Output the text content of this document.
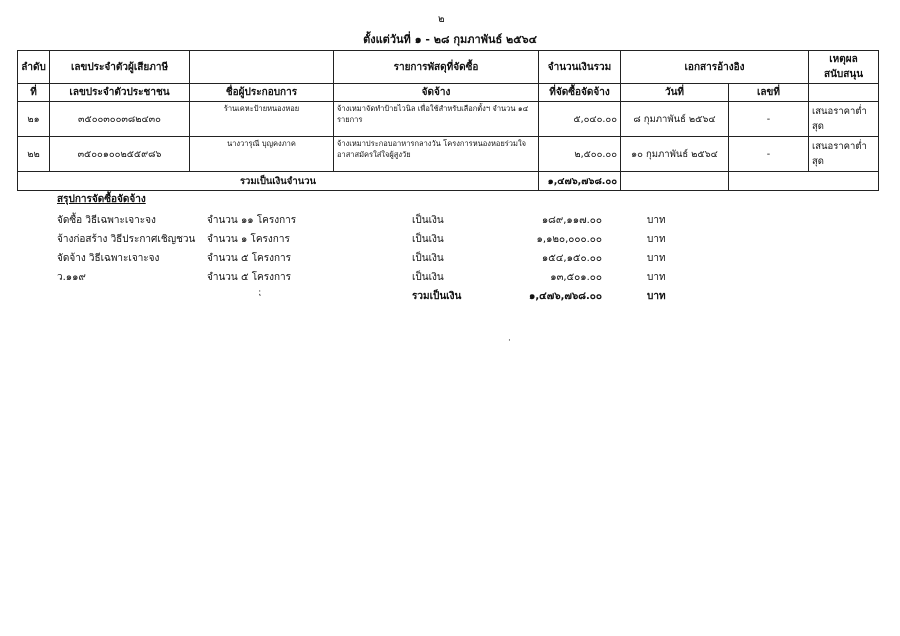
๒
ตั้งแต่วันที่ ๑ - ๒๘ กุมภาพันธ์ ๒๕๖๔
ลำดับ	เลขประจำตัวผู้เสียภาษี		รายการพัสดุที่จัดซื้อ	จำนวนเงินรวม	เอกสารอ้างอิง		เหตุผลสนับสนุน
ที่	เลขประจำตัวประชาชน	ชื่อผู้ประกอบการ	จัดจ้าง	ที่จัดซื้อจัดจ้าง	วันที่	เลขที่	
๒๑	๓๕๐๐๓๐๐๓๘๒๔๓๐	ร้านเคหะป้ายหนองหอย	จ้างเหมาจัดทำป้ายไวนิล เพื่อใช้สำหรับเลือกตั้งฯ จำนวน ๑๔ รายการ	๕,๐๔๐.๐๐	๘ กุมภาพันธ์ ๒๕๖๔	-	เสนอราคาต่ำสุด
๒๒	๓๕๐๐๑๐๐๒๕๕๙๘๖	นางวารุณี บุญคงภาค	จ้างเหมาประกอบอาหารกลางวัน โครงการหนองหอยร่วมใจ อาสาสมัครใส่ใจผู้สูงวัย	๒,๕๐๐.๐๐	๑๐ กุมภาพันธ์ ๒๕๖๔	-	เสนอราคาต่ำสุด
รวมเป็นเงินจำนวน				๑,๔๗๖,๗๖๘.๐๐			
สรุปการจัดซื้อจัดจ้าง
จัดซื้อ วิธีเฉพาะเจาะจง	จำนวน ๑๑ โครงการ	เป็นเงิน	๑๘๙,๑๑๗.๐๐	บาท
จ้างก่อสร้าง วิธีประกาศเชิญชวน จำนวน ๑ โครงการ	เป็นเงิน	๑,๑๒๐,๐๐๐.๐๐	บาท
จัดจ้าง วิธีเฉพาะเจาะจง	จำนวน ๕ โครงการ	เป็นเงิน	๑๕๔,๑๕๐.๐๐	บาท
ว.๑๑๙	จำนวน ๕ โครงการ	เป็นเงิน	๑๓,๕๐๑.๐๐	บาท
รวมเป็นเงิน	๑,๔๗๖,๗๖๘.๐๐	บาท
⁏
·
